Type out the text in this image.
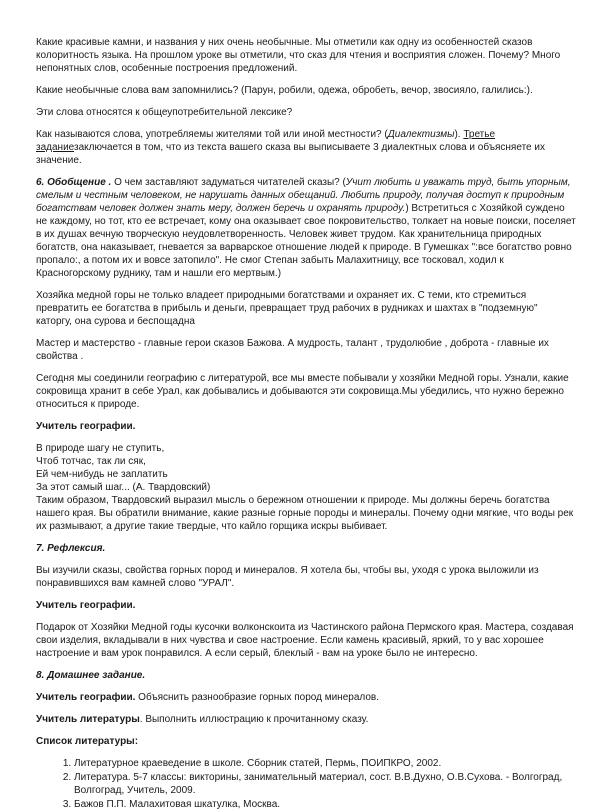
Какие красивые камни, и названия у них очень необычные. Мы отметили как одну из особенностей сказов колоритность языка. На прошлом уроке вы отметили, что сказ для чтения и восприятия сложен. Почему? Много непонятных слов, особенные построения предложений.

Какие необычные слова вам запомнились? (Парун, робили, одежа, обробеть, вечор, звосияло, галились:).

Эти слова относятся к общеупотребительной лексике?

Как называются слова, употребляемы жителями той или иной местности? (Диалектизмы). Третье заданиезаключается в том, что из текста вашего сказа вы выписываете 3 диалектных слова и объясняете их значение.

6. Обобщение . О чем заставляют задуматься читателей сказы? (Учит любить и уважать труд, быть упорным, смелым и честным человеком, не нарушать данных обещаний. Любить природу, получая доступ к природным богатствам человек должен знать меру, должен беречь и охранять природу.) Встретиться с Хозяйкой суждено не каждому, но тот, кто ее встречает, кому она оказывает свое покровительство, толкает на новые поиски, поселяет в их душах вечную творческую неудовлетворенность. Человек живет трудом. Как хранительница природных богатств, она наказывает, гневается за варварское отношение людей к природе. В Гумешках ":все богатство ровно пропало:, а потом их и вовсе затопило". Не смог Степан забыть Малахитницу, все тосковал, ходил к Красногорскому руднику, там и нашли его мертвым.)

Хозяйка медной горы не только владеет природными богатствами и охраняет их. С теми, кто стремиться превратить ее богатства в прибыль и деньги, превращает труд рабочих в рудниках и шахтах в "подземную" каторгу, она сурова и беспощадна

Мастер и мастерство - главные герои сказов Бажова. А мудрость, талант , трудолюбие , доброта - главные их свойства .

Сегодня мы соединили географию с литературой, все мы вместе побывали у хозяйки Медной горы. Узнали, какие сокровища хранит в себе Урал, как добывались и добываются эти сокровища.Мы убедились, что нужно бережно относиться к природе.

Учитель географии.

В природе шагу не ступить,
Чтоб тотчас, так ли сяк,
Ей чем-нибудь не заплатить
За этот самый шаг... (А. Твардовский)

Таким образом, Твардовский выразил мысль о бережном отношении к природе. Мы должны беречь богатства нашего края. Вы обратили внимание, какие разные горные породы и минералы. Почему одни мягкие, что воды рек их размывают, а другие такие твердые, что кайло горщика искры выбивает.

7. Рефлексия.

Вы изучили сказы, свойства горных пород и минералов. Я хотела бы, чтобы вы, уходя с урока выложили из понравившихся вам камней слово "УРАЛ".

Учитель географии.

Подарок от Хозяйки Медной годы кусочки волконскоита из Частинского района Пермского края. Мастера, создавая свои изделия, вкладывали в них чувства и свое настроение. Если камень красивый, яркий, то у вас хорошее настроение и вам урок понравился. А если серый, блеклый - вам на уроке было не интересно.

8. Домашнее задание.

Учитель географии. Объяснить разнообразие горных пород минералов.

Учитель литературы. Выполнить иллюстрацию к прочитанному сказу.

Список литературы:

1. Литературное краеведение в школе. Сборник статей, Пермь, ПОИПКРО, 2002.
2. Литература. 5-7 классы: викторины, занимательный материал, сост. В.В.Духно, О.В.Сухова. - Волгоград, Волгоград, Учитель, 2009.
3. Бажов П.П. Малахитовая шкатулка, Москва.
